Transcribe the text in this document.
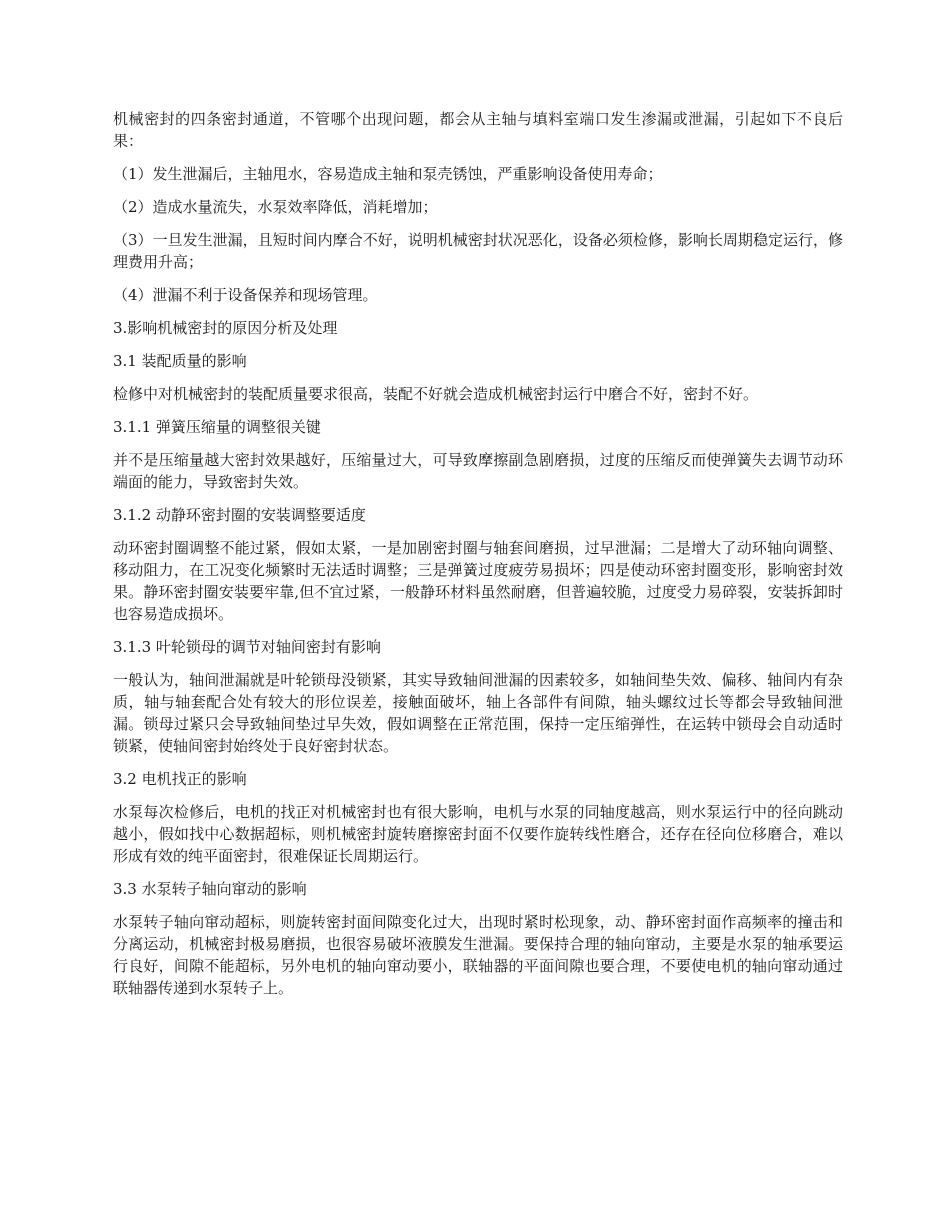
机械密封的四条密封通道，不管哪个出现问题，都会从主轴与填料室端口发生渗漏或泄漏，引起如下不良后果：

（1）发生泄漏后，主轴甩水，容易造成主轴和泵壳锈蚀，严重影响设备使用寿命；

（2）造成水量流失，水泵效率降低，消耗增加；

（3）一旦发生泄漏，且短时间内摩合不好，说明机械密封状况恶化，设备必须检修，影响长周期稳定运行，修理费用升高；

（4）泄漏不利于设备保养和现场管理。

3.影响机械密封的原因分析及处理
3.1 装配质量的影响

检修中对机械密封的装配质量要求很高，装配不好就会造成机械密封运行中磨合不好，密封不好。

3.1.1 弹簧压缩量的调整很关键

并不是压缩量越大密封效果越好，压缩量过大，可导致摩擦副急剧磨损，过度的压缩反而使弹簧失去调节动环端面的能力，导致密封失效。

3.1.2 动静环密封圈的安装调整要适度

动环密封圈调整不能过紧，假如太紧，一是加剧密封圈与轴套间磨损，过早泄漏；二是增大了动环轴向调整、移动阻力，在工况变化频繁时无法适时调整；三是弹簧过度疲劳易损坏；四是使动环密封圈变形，影响密封效果。静环密封圈安装要牢靠,但不宜过紧，一般静环材料虽然耐磨，但普遍较脆，过度受力易碎裂，安装拆卸时也容易造成损坏。

3.1.3 叶轮锁母的调节对轴间密封有影响

一般认为，轴间泄漏就是叶轮锁母没锁紧，其实导致轴间泄漏的因素较多，如轴间垫失效、偏移、轴间内有杂质，轴与轴套配合处有较大的形位误差，接触面破坏，轴上各部件有间隙，轴头螺纹过长等都会导致轴间泄漏。锁母过紧只会导致轴间垫过早失效，假如调整在正常范围，保持一定压缩弹性，在运转中锁母会自动适时锁紧，使轴间密封始终处于良好密封状态。

3.2 电机找正的影响

水泵每次检修后，电机的找正对机械密封也有很大影响，电机与水泵的同轴度越高，则水泵运行中的径向跳动越小，假如找中心数据超标，则机械密封旋转磨擦密封面不仅要作旋转线性磨合，还存在径向位移磨合，难以形成有效的纯平面密封，很难保证长周期运行。

3.3 水泵转子轴向窜动的影响

水泵转子轴向窜动超标，则旋转密封面间隙变化过大，出现时紧时松现象，动、静环密封面作高频率的撞击和分离运动，机械密封极易磨损，也很容易破坏液膜发生泄漏。要保持合理的轴向窜动，主要是水泵的轴承要运行良好，间隙不能超标，另外电机的轴向窜动要小，联轴器的平面间隙也要合理，不要使电机的轴向窜动通过联轴器传递到水泵转子上。
